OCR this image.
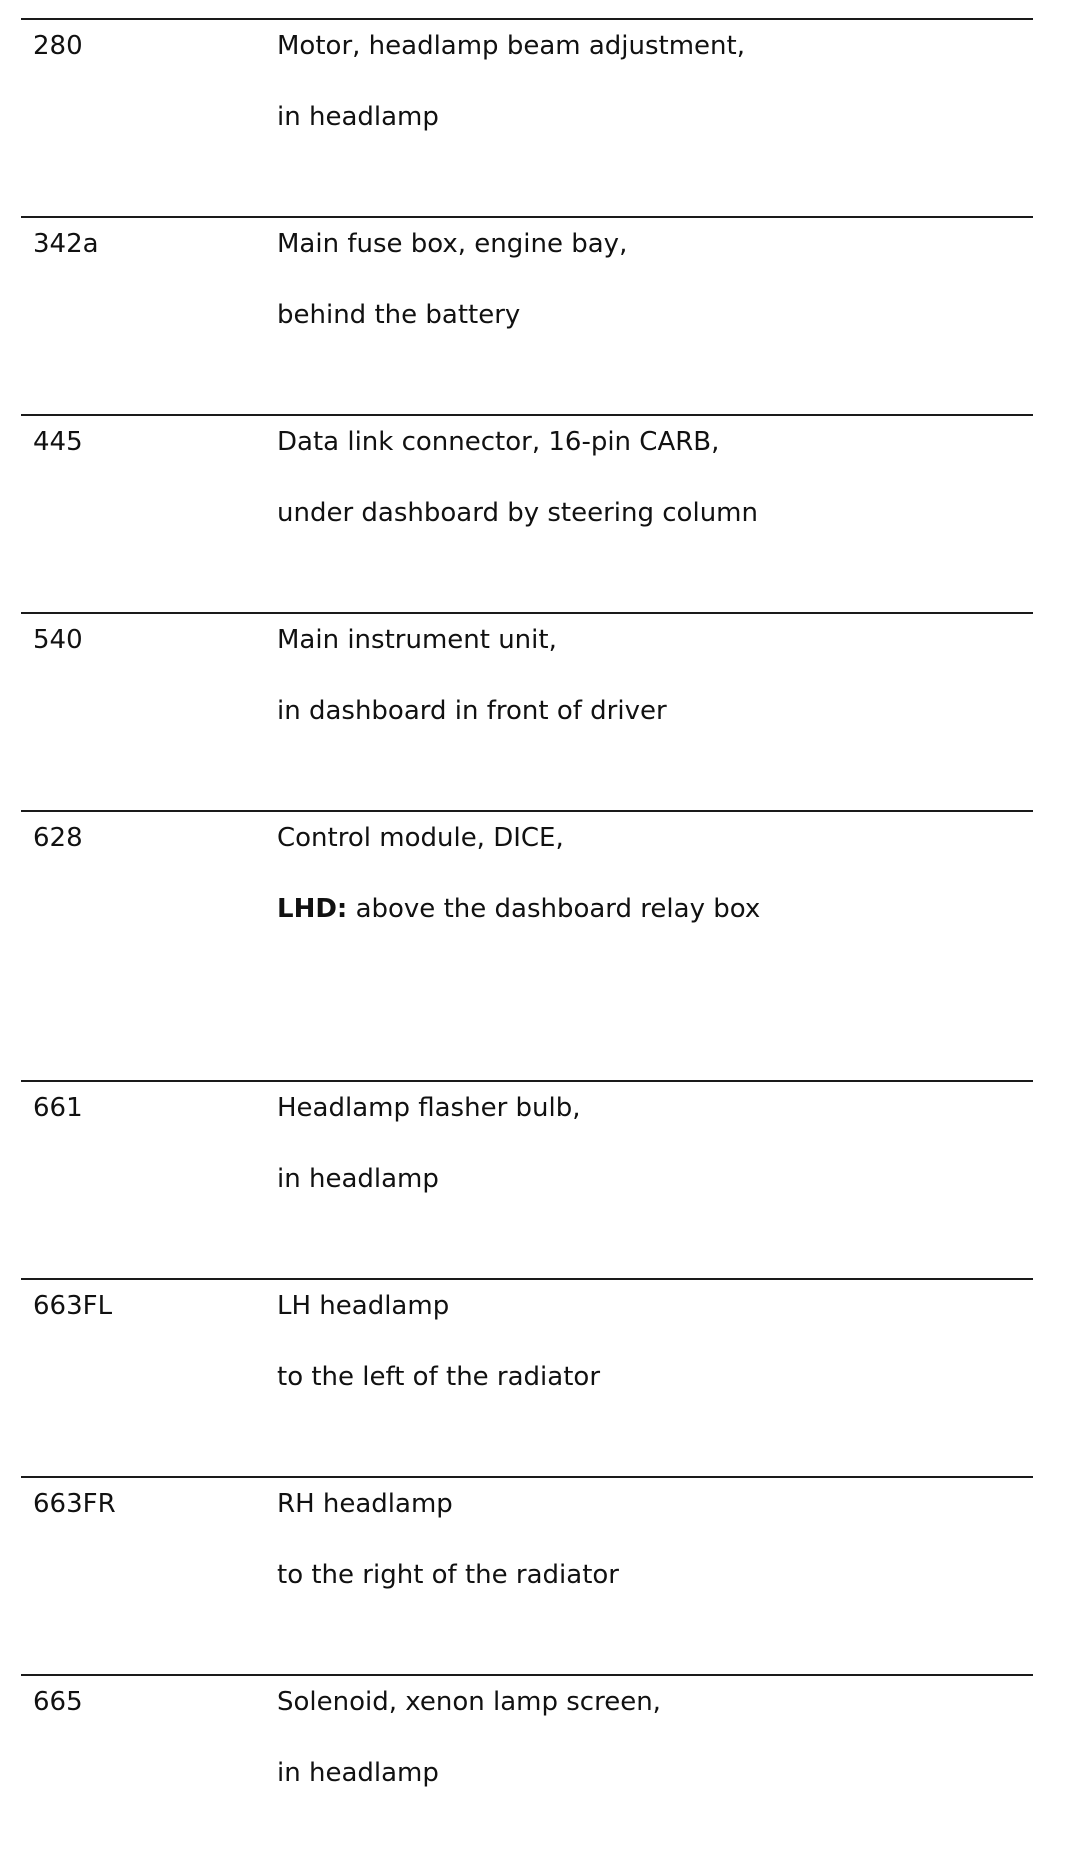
280	Motor, headlamp beam adjustment,
in headlamp
342a	Main fuse box, engine bay,
behind the battery
445	Data link connector, 16-pin CARB,
under dashboard by steering column
540	Main instrument unit,
in dashboard in front of driver
628	Control module, DICE,
LHD: above the dashboard relay box
661	Headlamp flasher bulb,
in headlamp
663FL	LH headlamp
to the left of the radiator
663FR	RH headlamp
to the right of the radiator
665	Solenoid, xenon lamp screen,
in headlamp
